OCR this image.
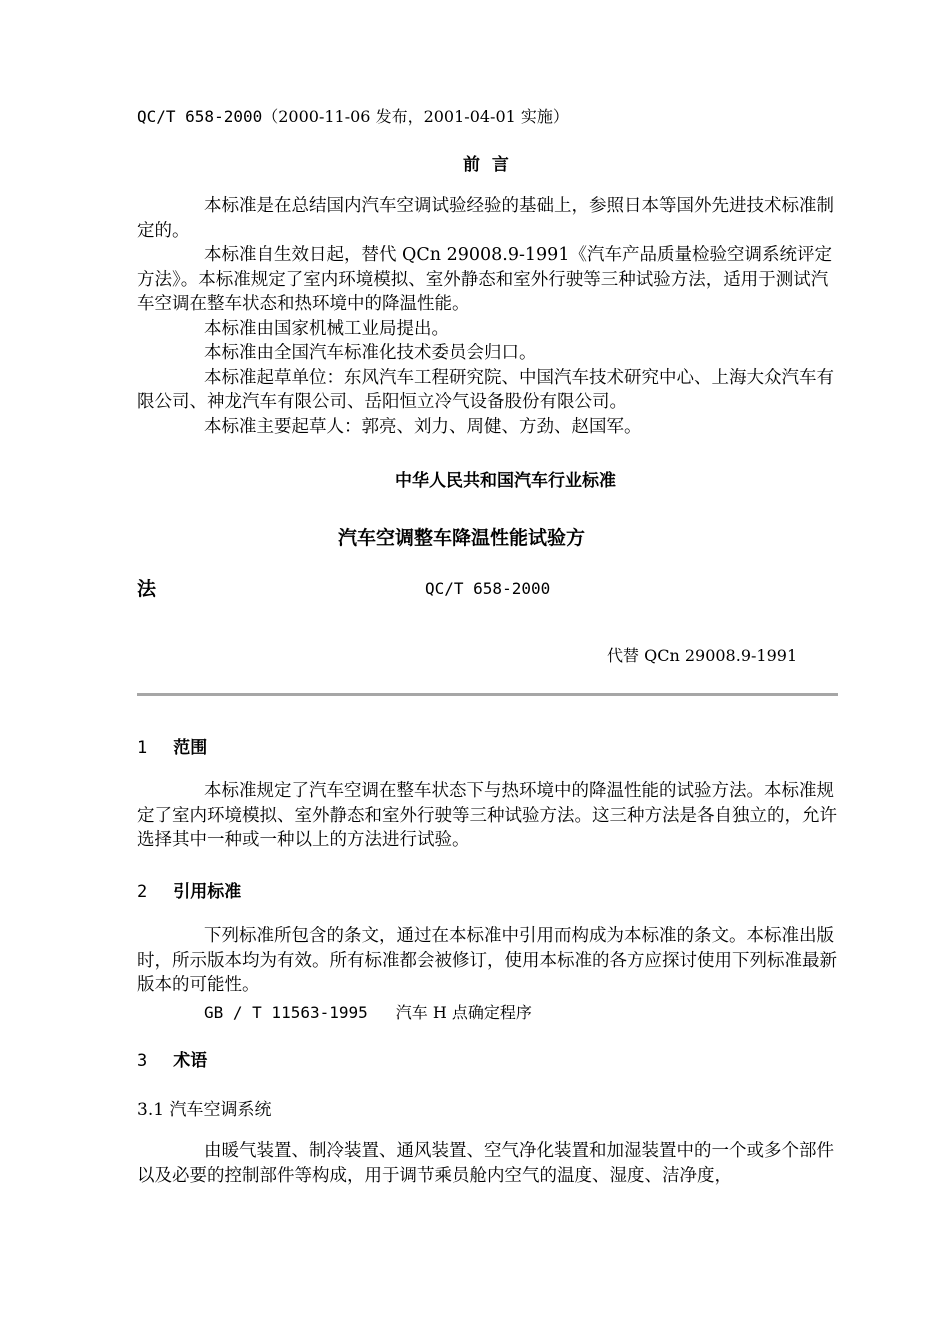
QC/T 658-2000（2000-11-06 发布，2001-04-01 实施）
前  言

本标准是在总结国内汽车空调试验经验的基础上，参照日本等国外先进技术标准制定的。

本标准自生效日起，替代 QCn 29008.9-1991《汽车产品质量检验空调系统评定方法》。本标准规定了室内环境模拟、室外静态和室外行驶等三种试验方法，适用于测试汽车空调在整车状态和热环境中的降温性能。

本标准由国家机械工业局提出。

本标准由全国汽车标准化技术委员会归口。

本标准起草单位：东风汽车工程研究院、中国汽车技术研究中心、上海大众汽车有限公司、神龙汽车有限公司、岳阳恒立冷气设备股份有限公司。

本标准主要起草人：郭亮、刘力、周健、方劲、赵国军。

中华人民共和国汽车行业标准
汽车空调整车降温性能试验方
法	QC/T 658-2000
代替 QCn 29008.9-1991
1 范围

本标准规定了汽车空调在整车状态下与热环境中的降温性能的试验方法。本标准规定了室内环境模拟、室外静态和室外行驶等三种试验方法。这三种方法是各自独立的，允许选择其中一种或一种以上的方法进行试验。

2 引用标准

下列标准所包含的条文，通过在本标准中引用而构成为本标准的条文。本标准出版时，所示版本均为有效。所有标准都会被修订，使用本标准的各方应探讨使用下列标准最新版本的可能性。

GB / T 11563-1995 汽车 H 点确定程序
3 术语
3.1 汽车空调系统

由暖气装置、制冷装置、通风装置、空气净化装置和加湿装置中的一个或多个部件以及必要的控制部件等构成，用于调节乘员舱内空气的温度、湿度、洁净度，
